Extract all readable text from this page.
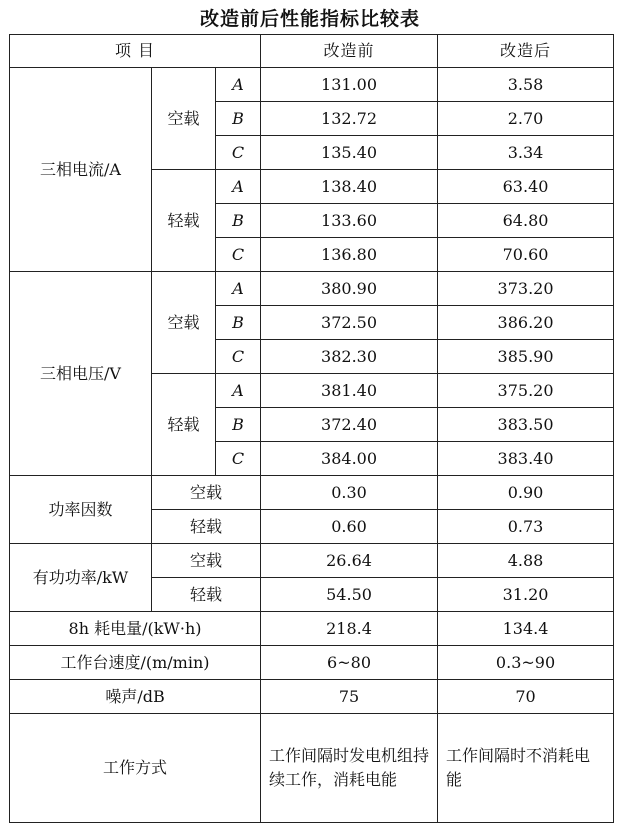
改造前后性能指标比较表
项 目			改造前	改造后
三相电流/A	空载	A	131.00	3.58
		B	132.72	2.70
		C	135.40	3.34
	轻载	A	138.40	63.40
		B	133.60	64.80
		C	136.80	70.60
三相电压/V	空载	A	380.90	373.20
		B	372.50	386.20
		C	382.30	385.90
	轻载	A	381.40	375.20
		B	372.40	383.50
		C	384.00	383.40
功率因数	空载		0.30	0.90
	轻载		0.60	0.73
有功功率/kW	空载		26.64	4.88
	轻载		54.50	31.20
8h 耗电量/(kW·h)			218.4	134.4
工作台速度/(m/min)			6~80	0.3~90
噪声/dB			75	70
工作方式			工作间隔时发电机组持续工作，消耗电能	工作间隔时不消耗电能
